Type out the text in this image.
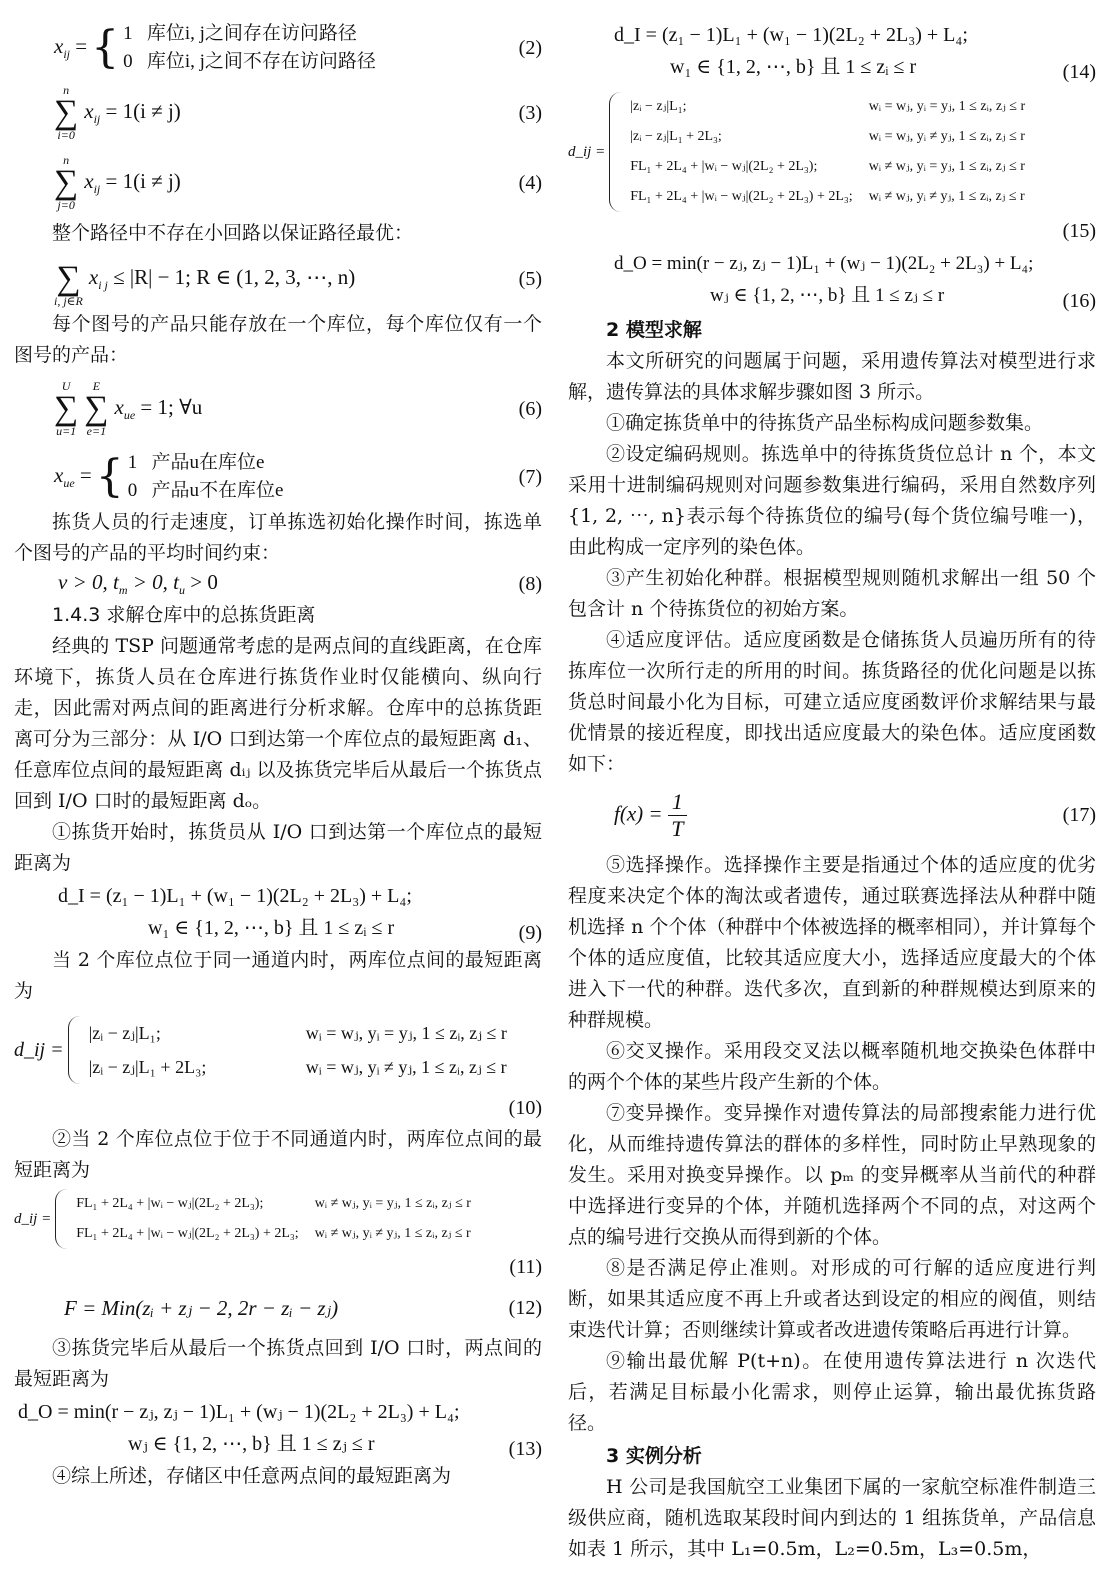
$x_{ij}$ = { 1 库位i, j之间存在访问路径
0 库位i, j之间不存在访问路径
(2)
n
∑
i=0
$x_{ij} = 1(i \ne j)$	(3)
n
∑
j=0
$x_{ij} = 1(i \ne j)$	(4)

整个路径中不存在小回路以保证路径最优：

∑
i, j∈R
$x_{i j} \le |R| - 1$; R ∈ (1, 2, 3, ⋯, n)	(5)

每个图号的产品只能存放在一个库位，每个库位仅有一个图号的产品：

U
∑
u=1
E
∑
e=1
$x_{ue} = 1$; ∀u	(6)
$x_{ue}$ = { 1 产品u在库位e
0 产品u不在库位e
(7)

拣货人员的行走速度，订单拣选初始化操作时间，拣选单个图号的产品的平均时间约束：

v > 0, $t_m > 0$, $t_u > 0$	(8)

1.4.3 求解仓库中的总拣货距离

经典的 TSP 问题通常考虑的是两点间的直线距离，在仓库环境下，拣货人员在仓库进行拣货作业时仅能横向、纵向行走，因此需对两点间的距离进行分析求解。仓库中的总拣货距离可分为三部分：从 I/O 口到达第一个库位点的最短距离 d₁、任意库位点间的最短距离 dᵢⱼ 以及拣货完毕后从最后一个拣货点回到 I/O 口时的最短距离 dₒ。

①拣货开始时，拣货员从 I/O 口到达第一个库位点的最短距离为

d_I = (z₁ − 1)L₁ + (w₁ − 1)(2L₂ + 2L₃) + L₄;
w₁ ∈ {1, 2, ⋯, b} 且 1 ≤ zᵢ ≤ r	(9)

当 2 个库位点位于同一通道内时，两库位点间的最短距离为

d_ij =
|zᵢ − zⱼ|L₁;	wᵢ = wⱼ, yᵢ = yⱼ, 1 ≤ zᵢ, zⱼ ≤ r
|zᵢ − zⱼ|L₁ + 2L₃;	wᵢ = wⱼ, yᵢ ≠ yⱼ, 1 ≤ zᵢ, zⱼ ≤ r
(10)

②当 2 个库位点位于位于不同通道内时，两库位点间的最短距离为

d_ij =
FL₁ + 2L₄ + |wᵢ − wⱼ|(2L₂ + 2L₃);	wᵢ ≠ wⱼ, yᵢ = yⱼ, 1 ≤ zᵢ, zⱼ ≤ r
FL₁ + 2L₄ + |wᵢ − wⱼ|(2L₂ + 2L₃) + 2L₃; wᵢ ≠ wⱼ, yᵢ ≠ yⱼ, 1 ≤ zᵢ, zⱼ ≤ r
(11)
F = Min(zᵢ + zⱼ − 2, 2r − zᵢ − zⱼ)	(12)

③拣货完毕后从最后一个拣货点回到 I/O 口时，两点间的最短距离为

d_O = min(r − zⱼ, zⱼ − 1)L₁ + (wⱼ − 1)(2L₂ + 2L₃) + L₄;
wⱼ ∈ {1, 2, ⋯, b} 且 1 ≤ zⱼ ≤ r	(13)

④综上所述，存储区中任意两点间的最短距离为

d_I = (z₁ − 1)L₁ + (w₁ − 1)(2L₂ + 2L₃) + L₄;
w₁ ∈ {1, 2, ⋯, b} 且 1 ≤ zᵢ ≤ r	(14)
d_ij =
|zᵢ − zⱼ|L₁;	wᵢ = wⱼ, yᵢ = yⱼ, 1 ≤ zᵢ, zⱼ ≤ r
|zᵢ − zⱼ|L₁ + 2L₃;	wᵢ = wⱼ, yᵢ ≠ yⱼ, 1 ≤ zᵢ, zⱼ ≤ r
FL₁ + 2L₄ + |wᵢ − wⱼ|(2L₂ + 2L₃);	wᵢ ≠ wⱼ, yᵢ = yⱼ, 1 ≤ zᵢ, zⱼ ≤ r
FL₁ + 2L₄ + |wᵢ − wⱼ|(2L₂ + 2L₃) + 2L₃; wᵢ ≠ wⱼ, yᵢ ≠ yⱼ, 1 ≤ zᵢ, zⱼ ≤ r
(15)
d_O = min(r − zⱼ, zⱼ − 1)L₁ + (wⱼ − 1)(2L₂ + 2L₃) + L₄;
wⱼ ∈ {1, 2, ⋯, b} 且 1 ≤ zⱼ ≤ r	(16)

2 模型求解

本文所研究的问题属于问题，采用遗传算法对模型进行求解，遗传算法的具体求解步骤如图 3 所示。

①确定拣货单中的待拣货产品坐标构成问题参数集。

②设定编码规则。拣选单中的待拣货货位总计 n 个，本文采用十进制编码规则对问题参数集进行编码，采用自然数序列{1, 2, ⋯, n}表示每个待拣货位的编号(每个货位编号唯一)，由此构成一定序列的染色体。

③产生初始化种群。根据模型规则随机求解出一组 50 个包含计 n 个待拣货位的初始方案。

④适应度评估。适应度函数是仓储拣货人员遍历所有的待拣库位一次所行走的所用的时间。拣货路径的优化问题是以拣货总时间最小化为目标，可建立适应度函数评价求解结果与最优情景的接近程度，即找出适应度最大的染色体。适应度函数如下：

$f(x) = \frac{1}{T}$	(17)

⑤选择操作。选择操作主要是指通过个体的适应度的优劣程度来决定个体的淘汰或者遗传，通过联赛选择法从种群中随机选择 n 个个体（种群中个体被选择的概率相同），并计算每个个体的适应度值，比较其适应度大小，选择适应度最大的个体进入下一代的种群。迭代多次，直到新的种群规模达到原来的种群规模。

⑥交叉操作。采用段交叉法以概率随机地交换染色体群中的两个个体的某些片段产生新的个体。

⑦变异操作。变异操作对遗传算法的局部搜索能力进行优化，从而维持遗传算法的群体的多样性，同时防止早熟现象的发生。采用对换变异操作。以 pₘ 的变异概率从当前代的种群中选择进行变异的个体，并随机选择两个不同的点，对这两个点的编号进行交换从而得到新的个体。

⑧是否满足停止准则。对形成的可行解的适应度进行判断，如果其适应度不再上升或者达到设定的相应的阀值，则结束迭代计算；否则继续计算或者改进遗传策略后再进行计算。

⑨输出最优解 P(t+n)。在使用遗传算法进行 n 次迭代后，若满足目标最小化需求，则停止运算，输出最优拣货路径。

3 实例分析

H 公司是我国航空工业集团下属的一家航空标准件制造三级供应商，随机选取某段时间内到达的 1 组拣货单，产品信息如表 1 所示，其中 L₁=0.5m，L₂=0.5m，L₃=0.5m，
